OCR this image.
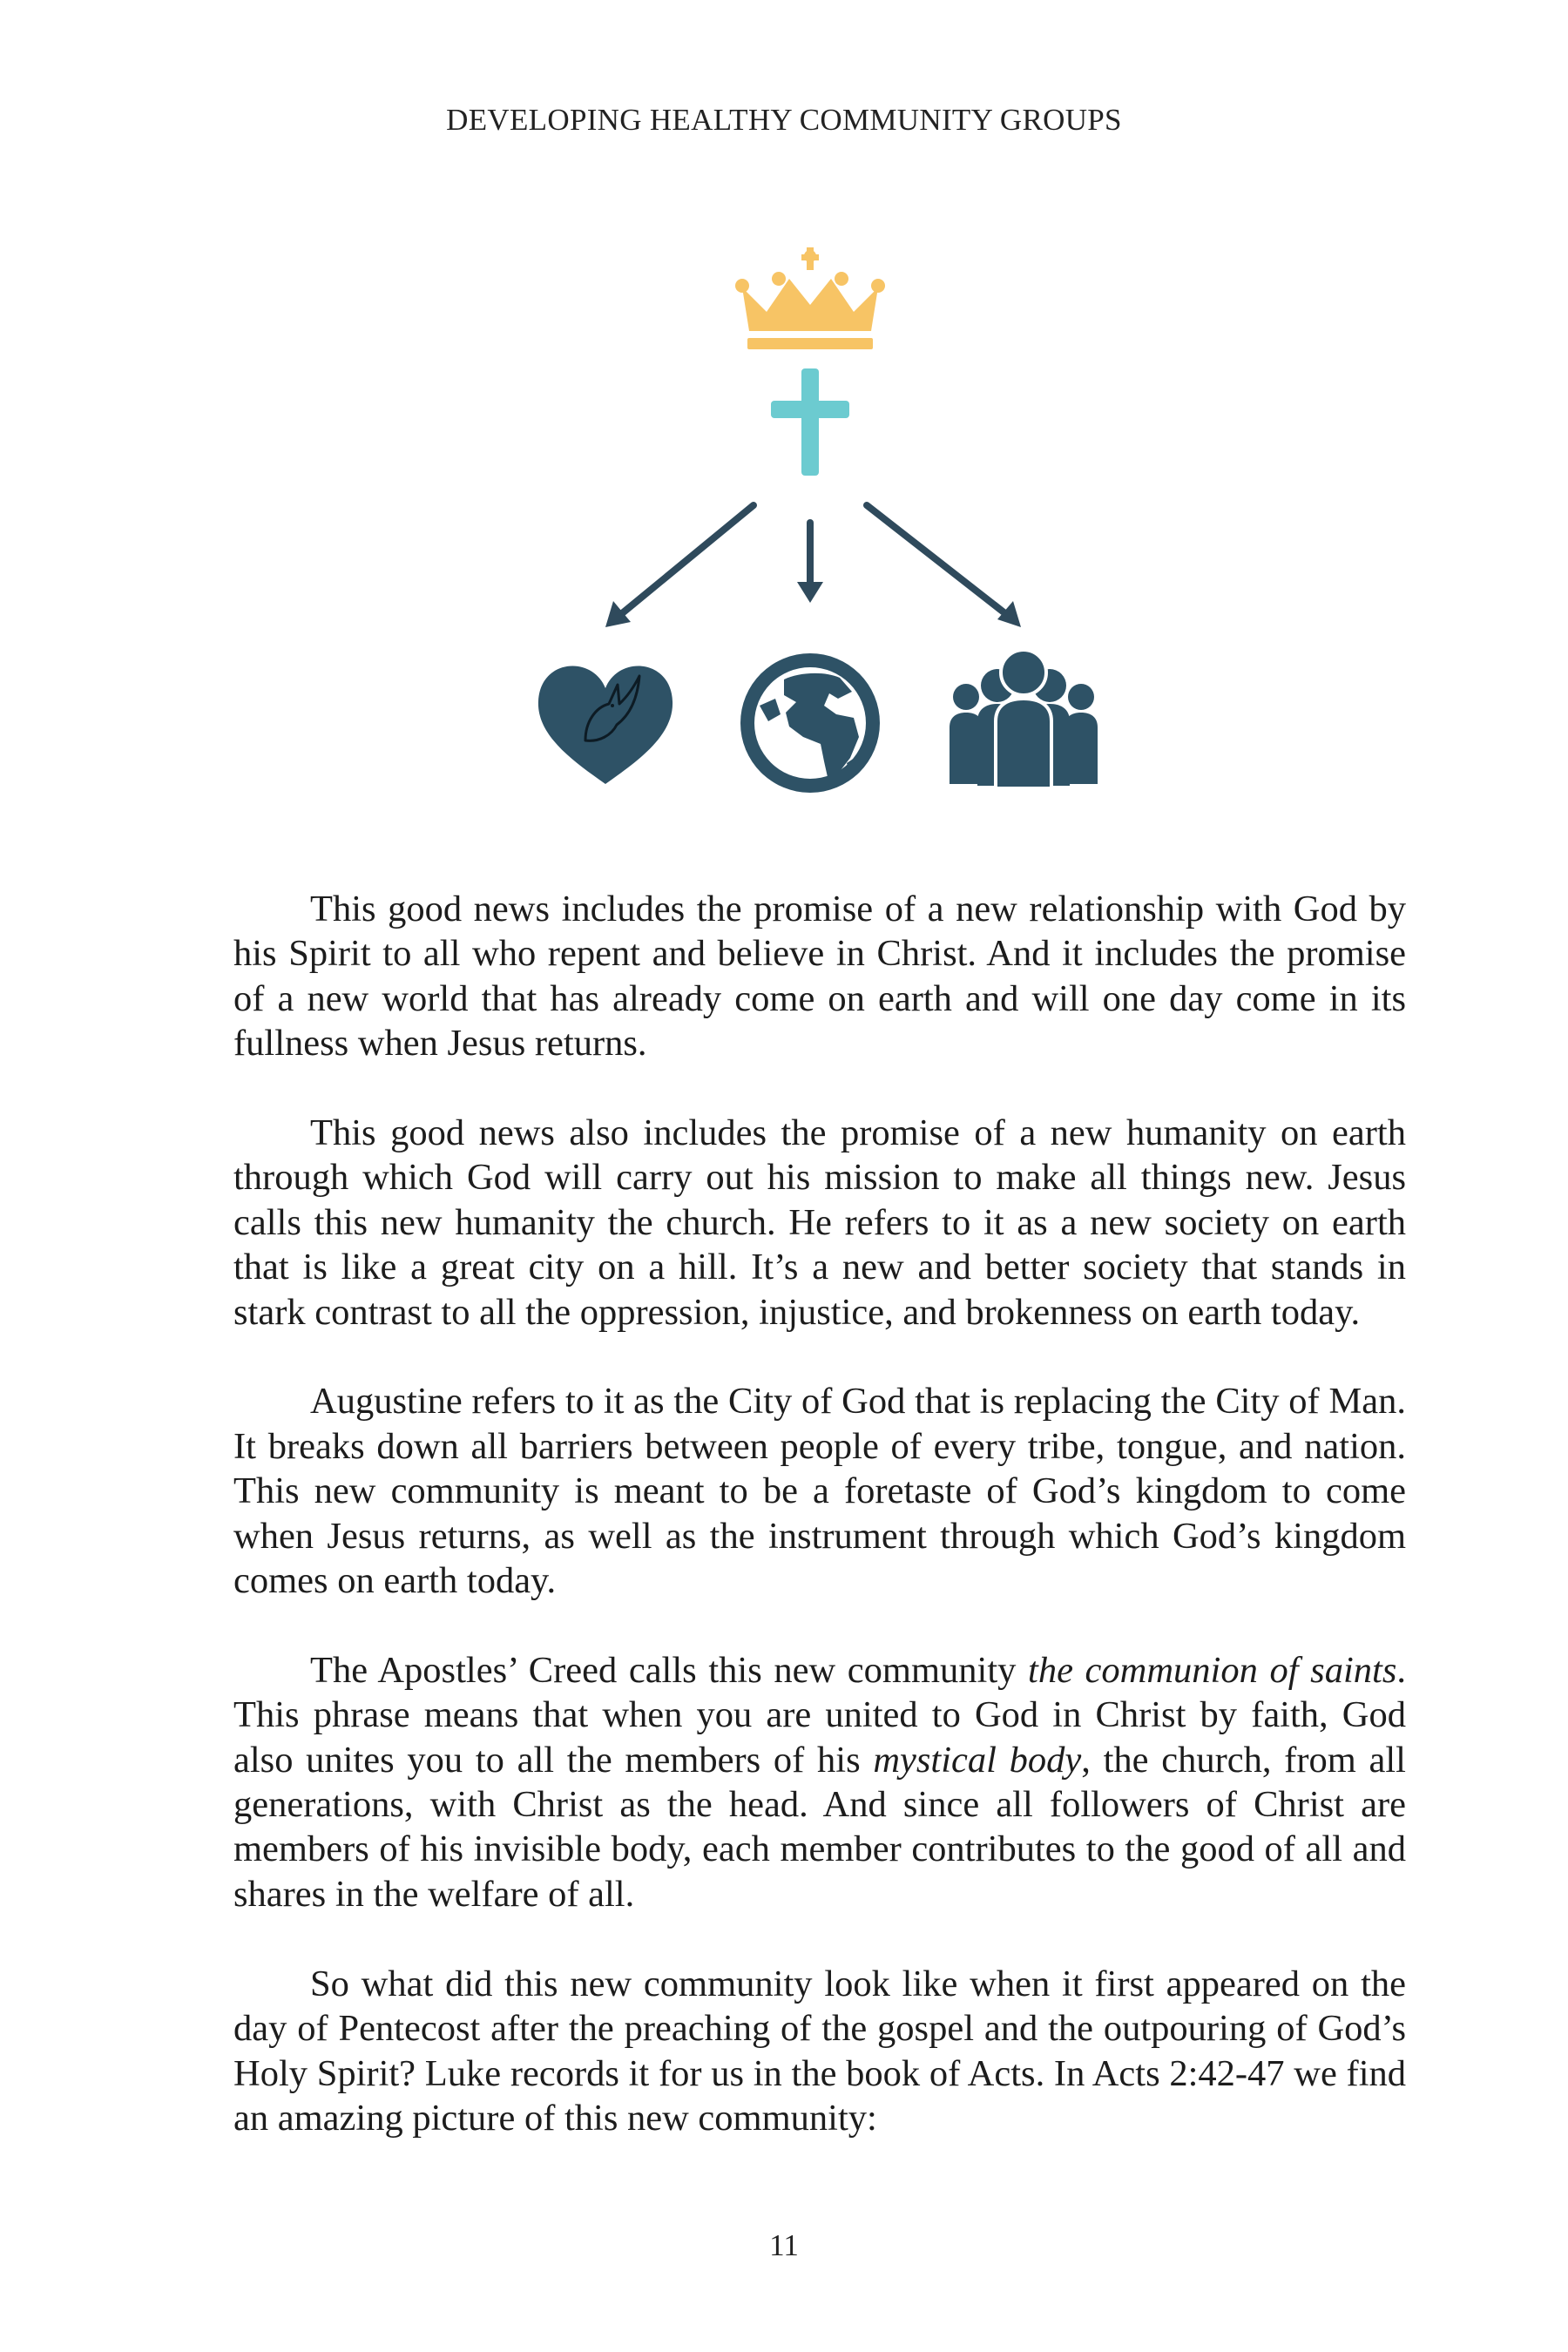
DEVELOPING HEALTHY COMMUNITY GROUPS

This good news includes the promise of a new relationship with God by his Spirit to all who repent and believe in Christ. And it includes the promise of a new world that has already come on earth and will one day come in its fullness when Jesus returns.

This good news also includes the promise of a new humanity on earth through which God will carry out his mission to make all things new. Jesus calls this new humanity the church. He refers to it as a new society on earth that is like a great city on a hill. It’s a new and better society that stands in stark contrast to all the oppression, injustice, and brokenness on earth today.

Augustine refers to it as the City of God that is replacing the City of Man. It breaks down all barriers between people of every tribe, tongue, and nation. This new community is meant to be a foretaste of God’s kingdom to come when Jesus returns, as well as the instrument through which God’s kingdom comes on earth today.

The Apostles’ Creed calls this new community the communion of saints. This phrase means that when you are united to God in Christ by faith, God also unites you to all the members of his mystical body, the church, from all generations, with Christ as the head. And since all followers of Christ are members of his invisible body, each member contributes to the good of all and shares in the welfare of all.

So what did this new community look like when it first appeared on the day of Pentecost after the preaching of the gospel and the outpouring of God’s Holy Spirit? Luke records it for us in the book of Acts. In Acts 2:42-47 we find an amazing picture of this new community:

11
